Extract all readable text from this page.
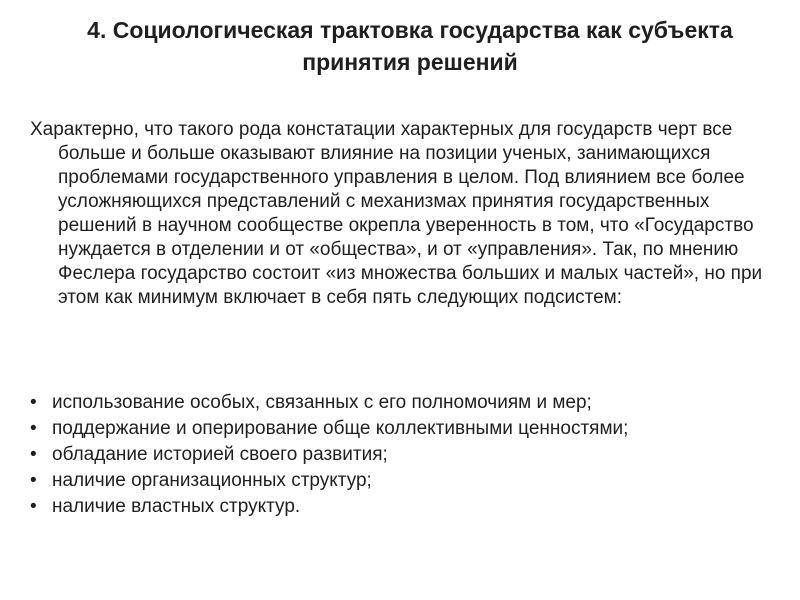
4. Социологическая трактовка государства как субъекта принятия решений

Характерно, что такого рода констатации характерных для государств черт все больше и больше оказывают влияние на позиции ученых, занимающихся проблемами государственного управления в целом. Под влиянием все более усложняющихся представлений с механизмах принятия государственных решений в научном сообществе окрепла уверенность в том, что «Государство нуждается в отделении и от «общества», и от «управления». Так, по мнению Феслера государство состоит «из множества больших и малых частей», но при этом как минимум включает в себя пять следующих подсистем:

• использование особых, связанных с его полномочиям и мер;
• поддержание и оперирование обще коллективными ценностями;
• обладание историей своего развития;
• наличие организационных структур;
• наличие властных структур.
